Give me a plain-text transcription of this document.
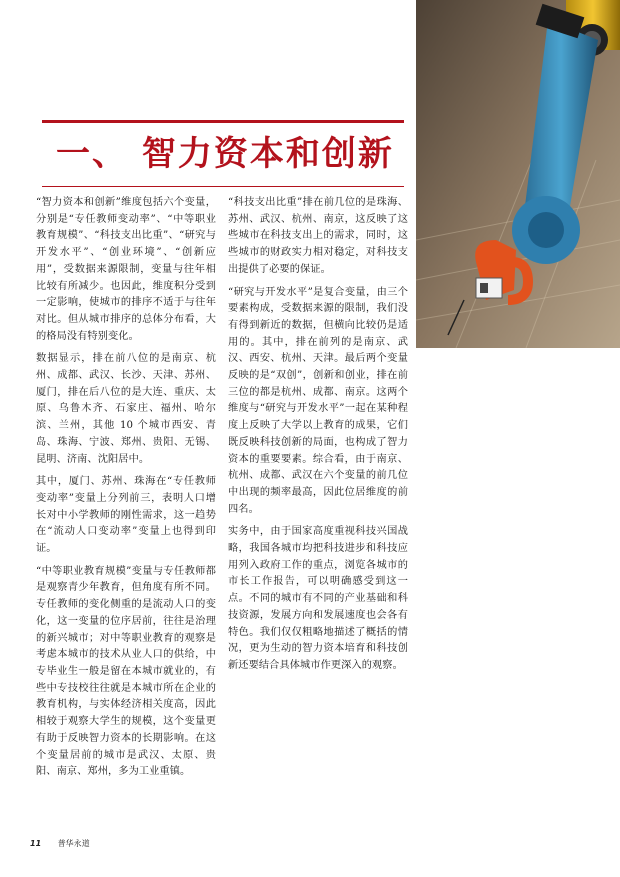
一、 智力资本和创新

“智力资本和创新”维度包括六个变量，分别是“专任教师变动率”、“中等职业教育规模”、“科技支出比重”、“研究与开发水平”、“创业环境”、“创新应用”，受数据来源限制，变量与往年相比较有所减少。也因此，维度积分受到一定影响，使城市的排序不适于与往年对比。但从城市排序的总体分布看，大的格局没有特别变化。

数据显示，排在前八位的是南京、杭州、成都、武汉、长沙、天津、苏州、厦门，排在后八位的是大连、重庆、太原、乌鲁木齐、石家庄、福州、哈尔滨、兰州，其他 10 个城市西安、青岛、珠海、宁波、郑州、贵阳、无锡、昆明、济南、沈阳居中。

其中，厦门、苏州、珠海在“专任教师变动率”变量上分列前三，表明人口增长对中小学教师的刚性需求，这一趋势在“流动人口变动率”变量上也得到印证。

“中等职业教育规模”变量与专任教师都是观察青少年教育，但角度有所不同。专任教师的变化侧重的是流动人口的变化，这一变量的位序居前，往往是治理的新兴城市；对中等职业教育的观察是考虑本城市的技术从业人口的供给，中专毕业生一般是留在本城市就业的，有些中专技校往往就是本城市所在企业的教育机构，与实体经济相关度高，因此相较于观察大学生的规模，这个变量更有助于反映智力资本的长期影响。在这个变量居前的城市是武汉、太原、贵阳、南京、郑州，多为工业重镇。

“科技支出比重”排在前几位的是珠海、苏州、武汉、杭州、南京，这反映了这些城市在科技支出上的需求，同时，这些城市的财政实力相对稳定，对科技支出提供了必要的保证。

“研究与开发水平”是复合变量，由三个要素构成，受数据来源的限制，我们没有得到新近的数据，但横向比较仍是适用的。其中，排在前列的是南京、武汉、西安、杭州、天津。最后两个变量反映的是“双创”，创新和创业，排在前三位的都是杭州、成都、南京。这两个维度与“研究与开发水平”一起在某种程度上反映了大学以上教育的成果，它们既反映科技创新的局面，也构成了智力资本的重要要素。综合看，由于南京、杭州、成都、武汉在六个变量的前几位中出现的频率最高，因此位居维度的前四名。

实务中，由于国家高度重视科技兴国战略，我国各城市均把科技进步和科技应用列入政府工作的重点，浏览各城市的市长工作报告，可以明确感受到这一点。不同的城市有不同的产业基础和科技资源，发展方向和发展速度也会各有特色。我们仅仅粗略地描述了概括的情况，更为生动的智力资本培育和科技创新还要结合具体城市作更深入的观察。

11 普华永道
